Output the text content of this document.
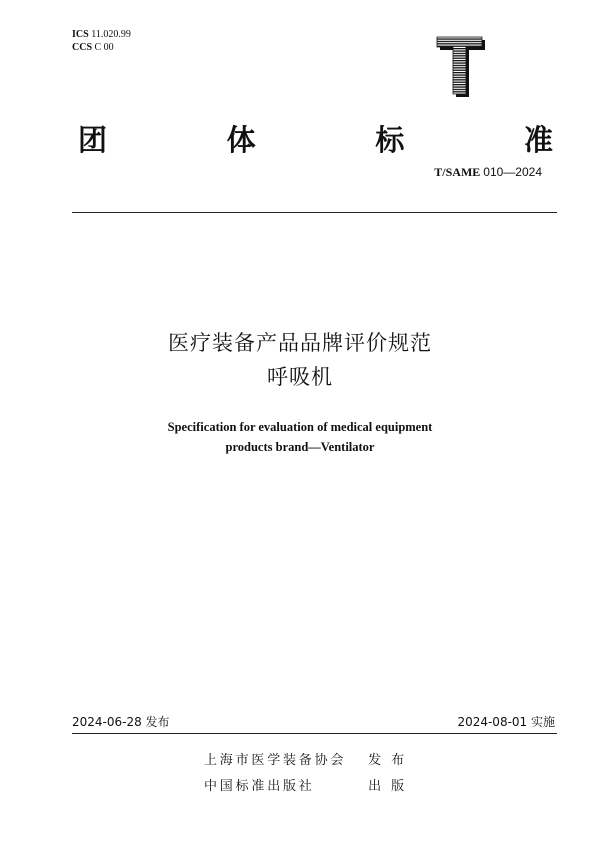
ICS 11.020.99
CCS C 00
团	体	标	准
T/SAME 010—2024
医疗装备产品品牌评价规范
呼吸机
Specification for evaluation of medical equipment
products brand—Ventilator
2024-06-28 发布	2024-08-01 实施
上海市医学装备协会 发布
中国标准出版社	出版
